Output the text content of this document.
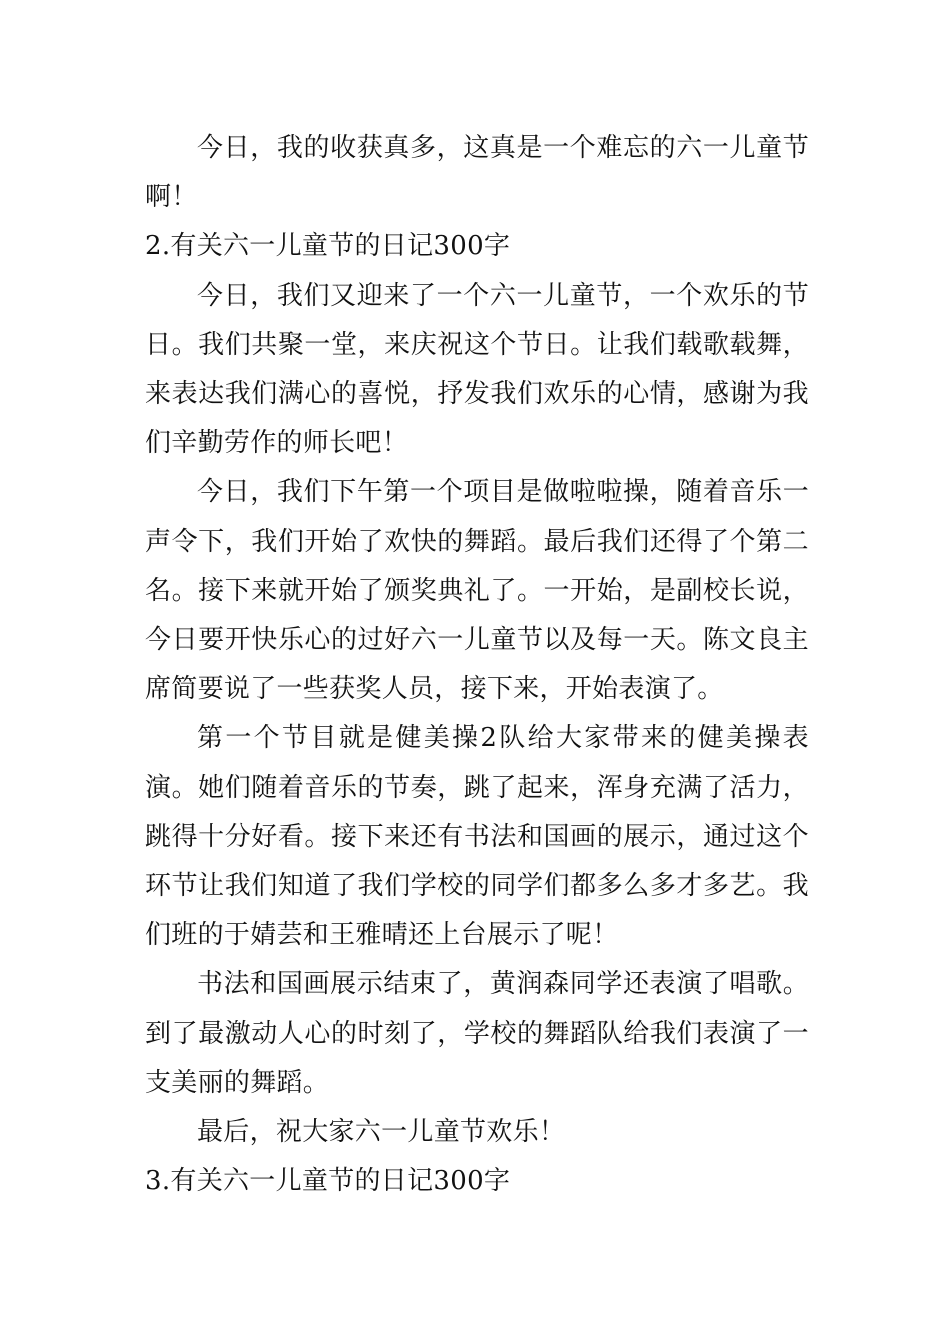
今日，我的收获真多，这真是一个难忘的六一儿童节啊！

2.有关六一儿童节的日记300字

今日，我们又迎来了一个六一儿童节，一个欢乐的节日。我们共聚一堂，来庆祝这个节日。让我们载歌载舞，来表达我们满心的喜悦，抒发我们欢乐的心情，感谢为我们辛勤劳作的师长吧！

今日，我们下午第一个项目是做啦啦操，随着音乐一声令下，我们开始了欢快的舞蹈。最后我们还得了个第二名。接下来就开始了颁奖典礼了。一开始，是副校长说，今日要开快乐心的过好六一儿童节以及每一天。陈文良主席简要说了一些获奖人员，接下来，开始表演了。

第一个节目就是健美操2队给大家带来的健美操表演。她们随着音乐的节奏，跳了起来，浑身充满了活力，跳得十分好看。接下来还有书法和国画的展示，通过这个环节让我们知道了我们学校的同学们都多么多才多艺。我们班的于婧芸和王雅晴还上台展示了呢！

书法和国画展示结束了，黄润森同学还表演了唱歌。到了最激动人心的时刻了，学校的舞蹈队给我们表演了一支美丽的舞蹈。

最后，祝大家六一儿童节欢乐！

3.有关六一儿童节的日记300字
